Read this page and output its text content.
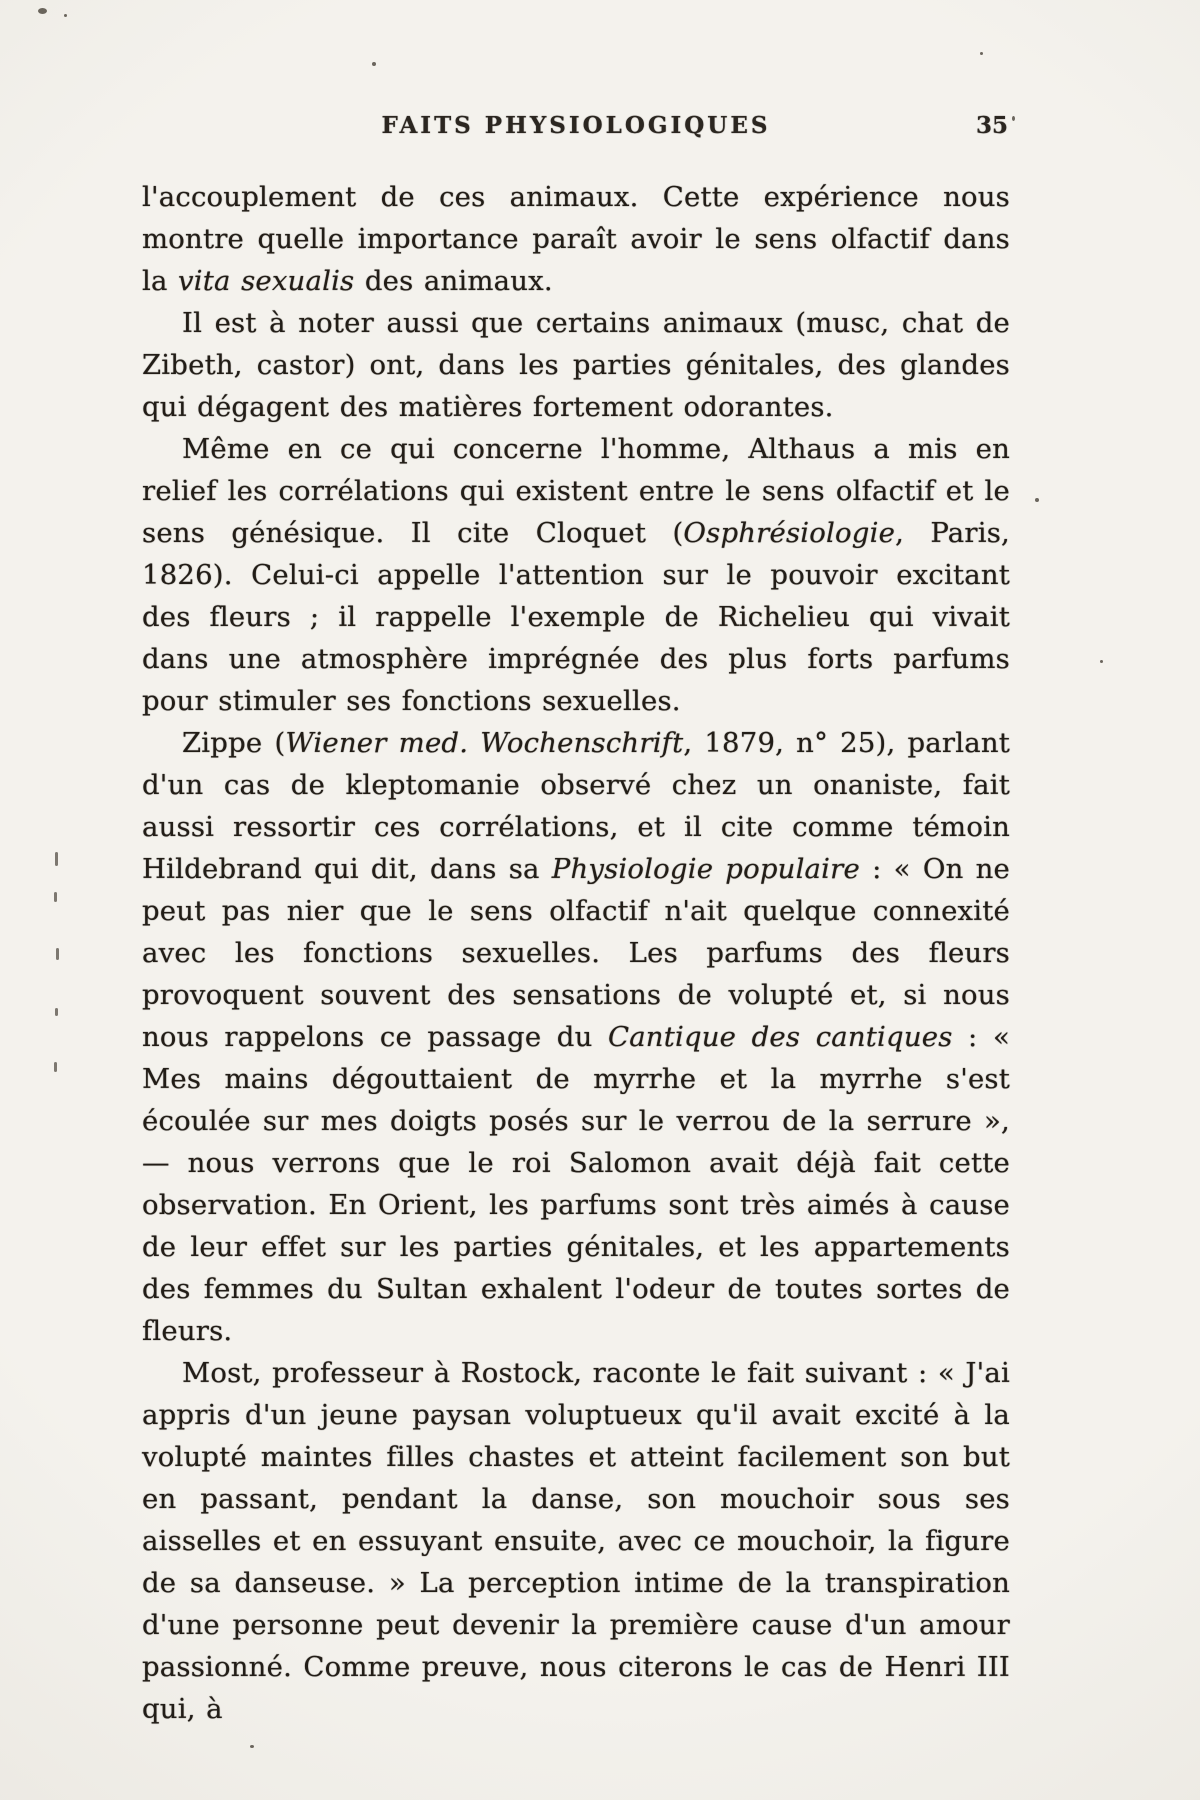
FAITS PHYSIOLOGIQUES	35

l'accouplement de ces animaux. Cette expérience nous montre quelle importance paraît avoir le sens olfactif dans la vita sexualis des animaux.

Il est à noter aussi que certains animaux (musc, chat de Zibeth, castor) ont, dans les parties génitales, des glandes qui dégagent des matières fortement odorantes.

Même en ce qui concerne l'homme, Althaus a mis en relief les corrélations qui existent entre le sens olfactif et le sens génésique. Il cite Cloquet (Osphrésiologie, Paris, 1826). Celui-ci appelle l'attention sur le pouvoir excitant des fleurs ; il rappelle l'exemple de Richelieu qui vivait dans une atmosphère imprégnée des plus forts parfums pour stimuler ses fonctions sexuelles.

Zippe (Wiener med. Wochenschrift, 1879, n° 25), parlant d'un cas de kleptomanie observé chez un onaniste, fait aussi ressortir ces corrélations, et il cite comme témoin Hildebrand qui dit, dans sa Physiologie populaire : « On ne peut pas nier que le sens olfactif n'ait quelque connexité avec les fonctions sexuelles. Les parfums des fleurs provoquent souvent des sensations de volupté et, si nous nous rappelons ce passage du Cantique des cantiques : « Mes mains dégouttaient de myrrhe et la myrrhe s'est écoulée sur mes doigts posés sur le verrou de la serrure », — nous verrons que le roi Salomon avait déjà fait cette observation. En Orient, les parfums sont très aimés à cause de leur effet sur les parties génitales, et les appartements des femmes du Sultan exhalent l'odeur de toutes sortes de fleurs.

Most, professeur à Rostock, raconte le fait suivant : « J'ai appris d'un jeune paysan voluptueux qu'il avait excité à la volupté maintes filles chastes et atteint facilement son but en passant, pendant la danse, son mouchoir sous ses aisselles et en essuyant ensuite, avec ce mouchoir, la figure de sa danseuse. » La perception intime de la transpiration d'une personne peut devenir la première cause d'un amour passionné. Comme preuve, nous citerons le cas de Henri III qui, à
